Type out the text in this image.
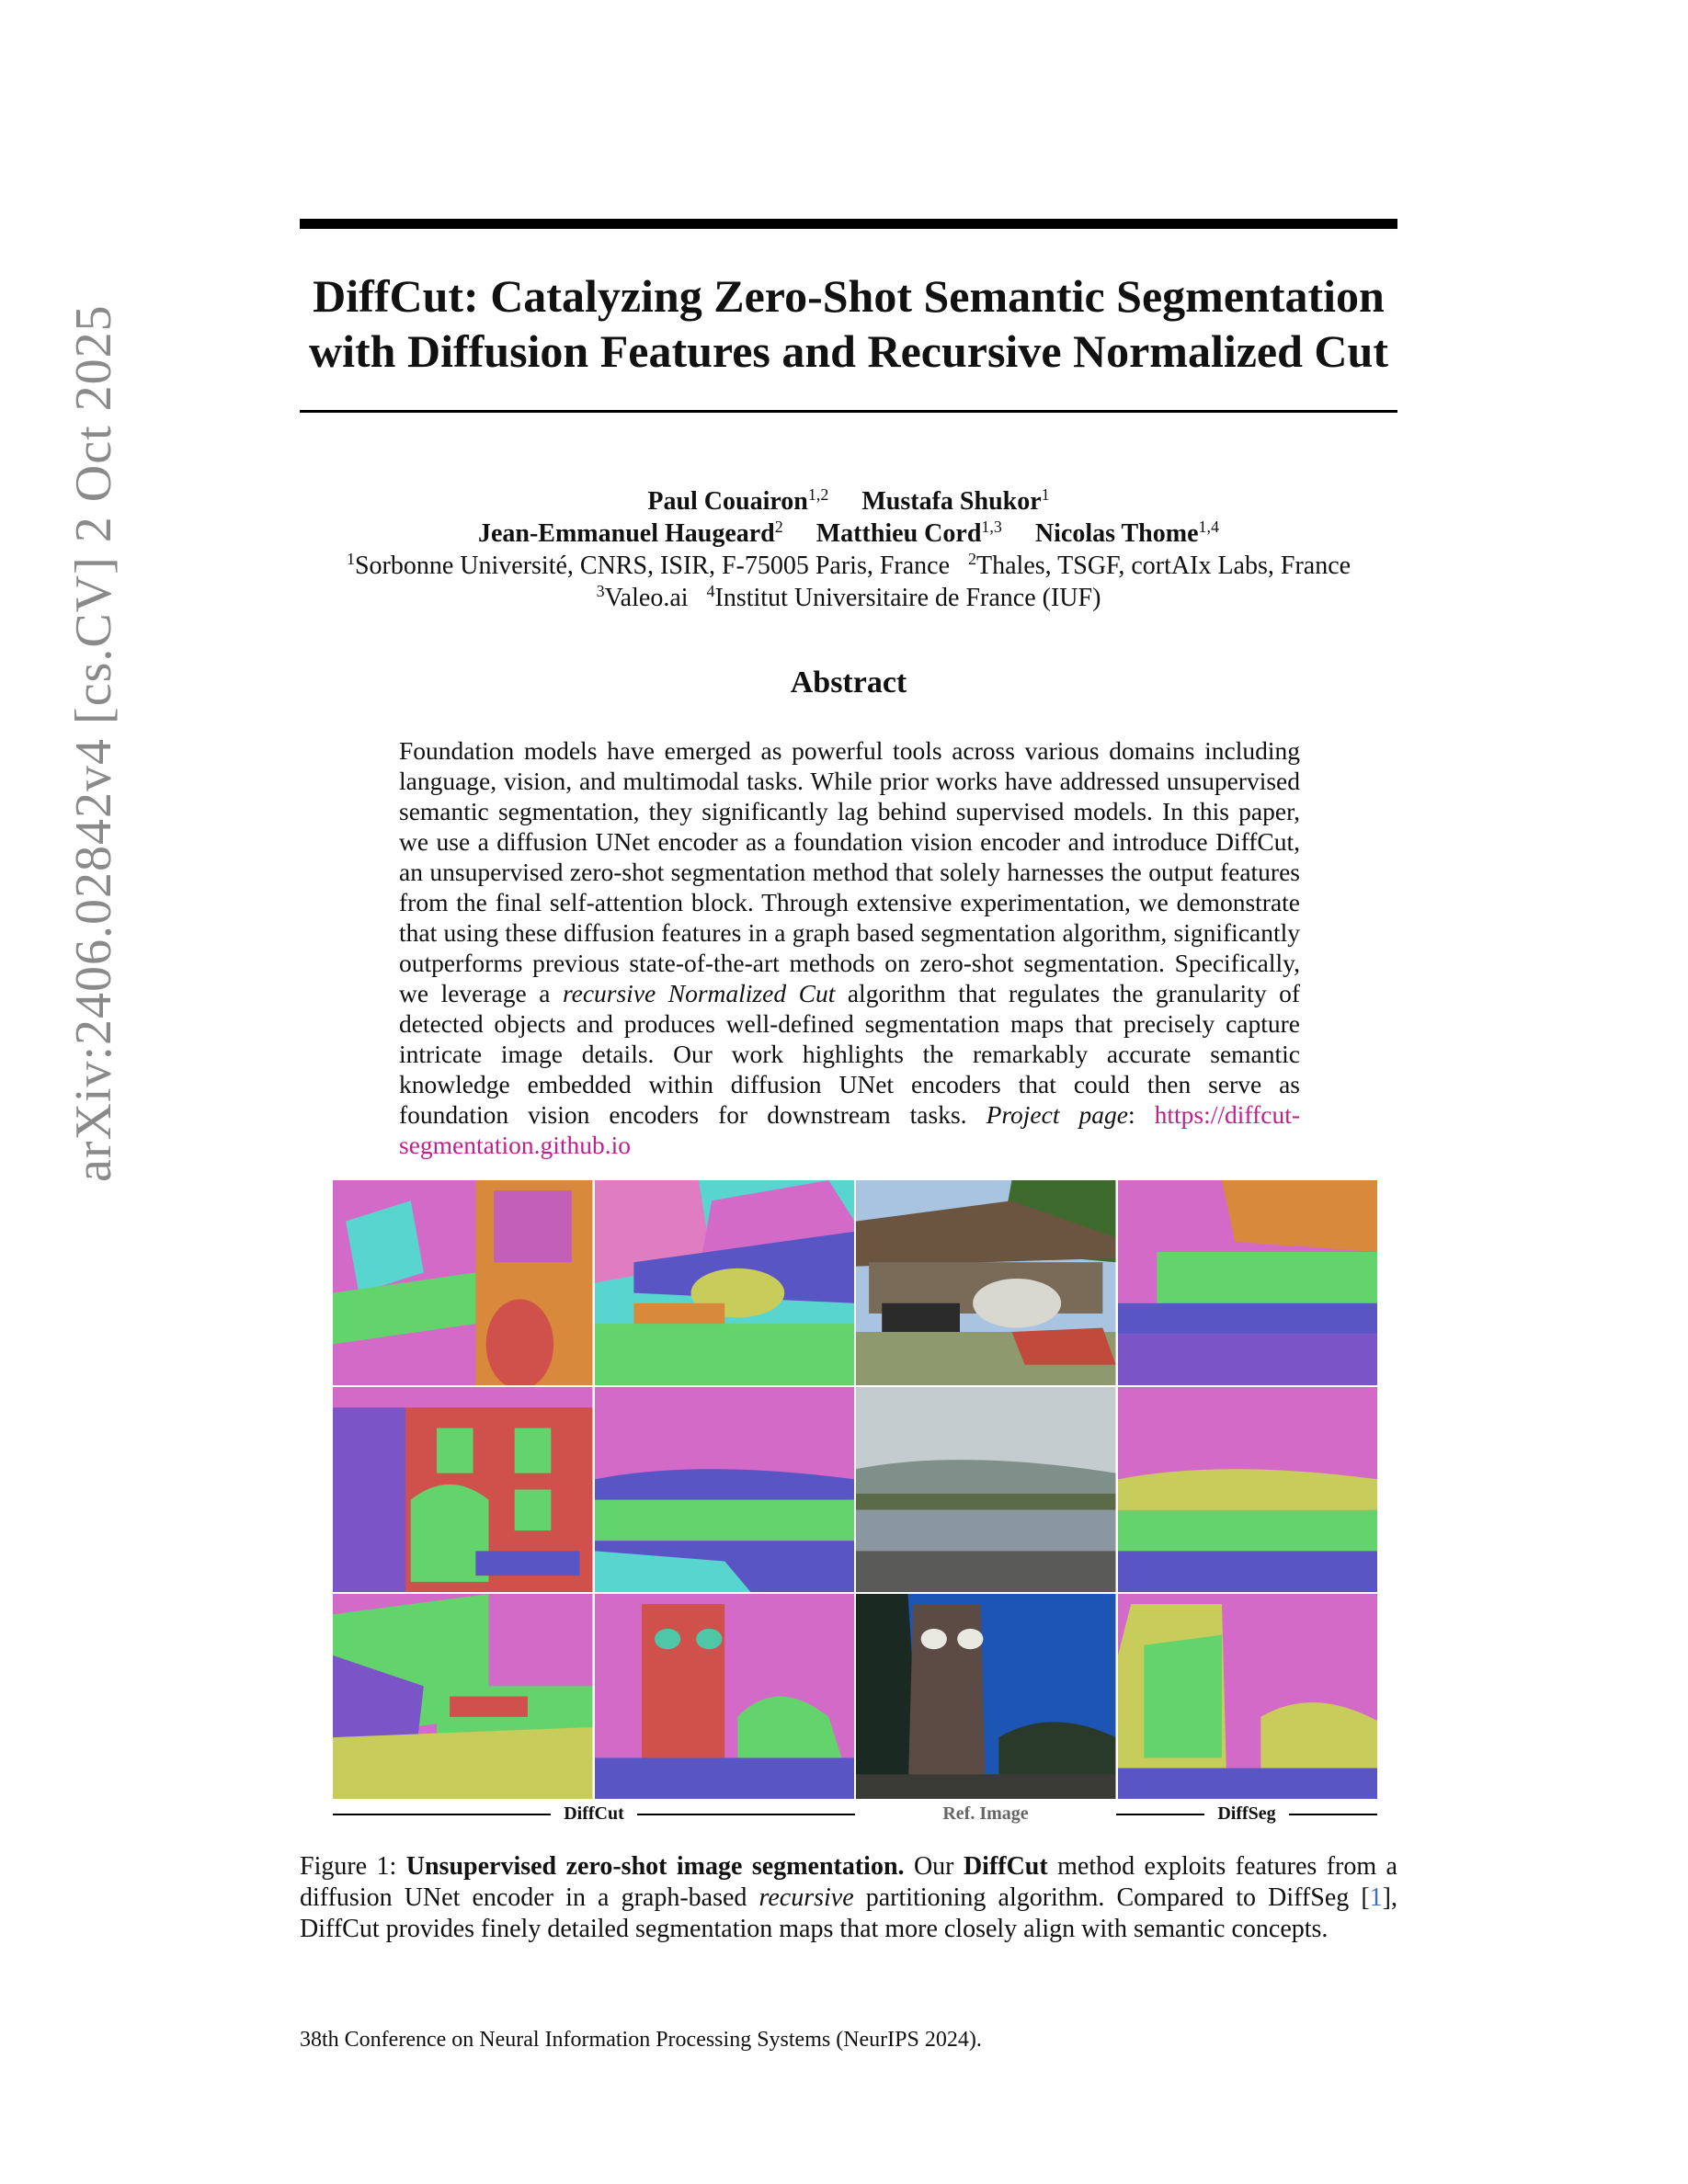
arXiv:2406.02842v4 [cs.CV] 2 Oct 2025
DiffCut: Catalyzing Zero-Shot Semantic Segmentation
with Diffusion Features and Recursive Normalized Cut
Paul Couairon$^{1,2}$ Mustafa Shukor$^1$
Jean-Emmanuel Haugeard$^2$ Matthieu Cord$^{1,3}$ Nicolas Thome$^{1,4}$
$^1$Sorbonne Université, CNRS, ISIR, F-75005 Paris, France $^2$Thales, TSGF, cortAIx Labs, France
$^3$Valeo.ai $^4$Institut Universitaire de France (IUF)
Abstract

Foundation models have emerged as powerful tools across various domains including language, vision, and multimodal tasks. While prior works have addressed unsupervised semantic segmentation, they significantly lag behind supervised models. In this paper, we use a diffusion UNet encoder as a foundation vision encoder and introduce DiffCut, an unsupervised zero-shot segmentation method that solely harnesses the output features from the final self-attention block. Through extensive experimentation, we demonstrate that using these diffusion features in a graph based segmentation algorithm, significantly outperforms previous state-of-the-art methods on zero-shot segmentation. Specifically, we leverage a recursive Normalized Cut algorithm that regulates the granularity of detected objects and produces well-defined segmentation maps that precisely capture intricate image details. Our work highlights the remarkably accurate semantic knowledge embedded within diffusion UNet encoders that could then serve as foundation vision encoders for downstream tasks. Project page: https://diffcut-segmentation.github.io

DiffCut	Ref. Image	DiffSeg

Figure 1: Unsupervised zero-shot image segmentation. Our DiffCut method exploits features from a diffusion UNet encoder in a graph-based recursive partitioning algorithm. Compared to DiffSeg [1], DiffCut provides finely detailed segmentation maps that more closely align with semantic concepts.

38th Conference on Neural Information Processing Systems (NeurIPS 2024).
